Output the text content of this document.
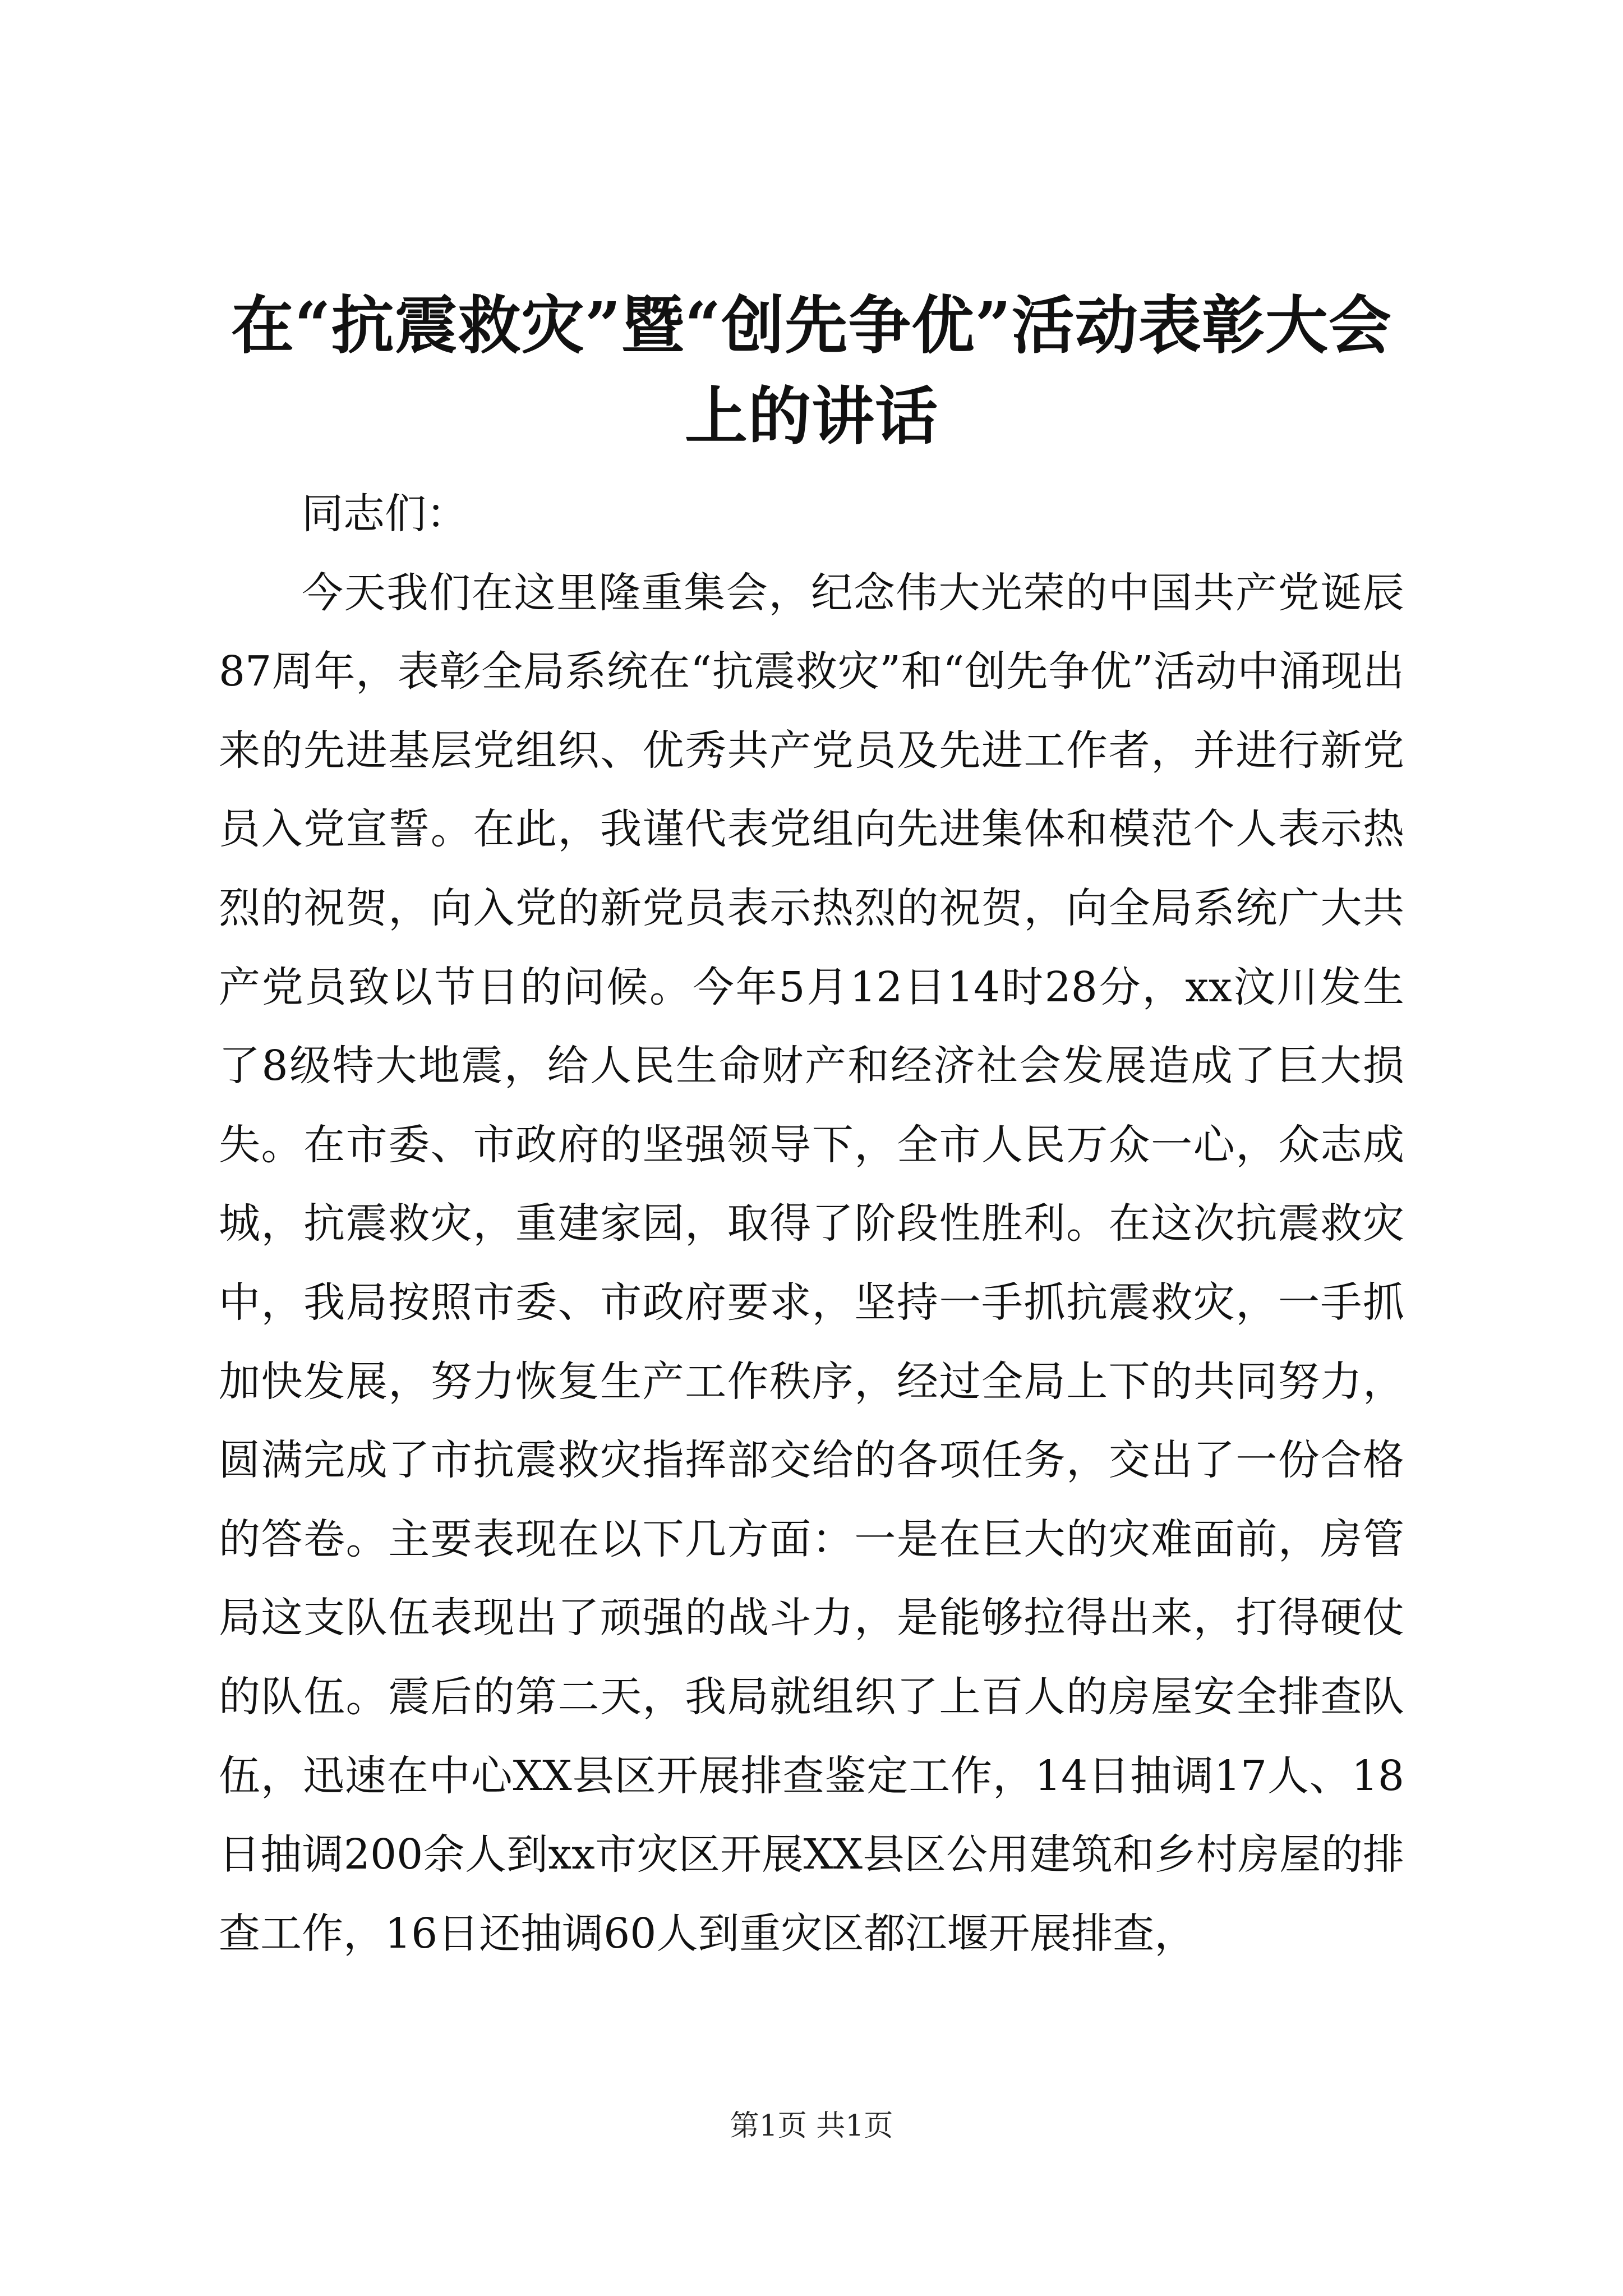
在“抗震救灾”暨“创先争优”活动表彰大会上的讲话

同志们：

今天我们在这里隆重集会，纪念伟大光荣的中国共产党诞辰87周年，表彰全局系统在“抗震救灾”和“创先争优”活动中涌现出来的先进基层党组织、优秀共产党员及先进工作者，并进行新党员入党宣誓。在此，我谨代表党组向先进集体和模范个人表示热烈的祝贺，向入党的新党员表示热烈的祝贺，向全局系统广大共产党员致以节日的问候。今年5月12日14时28分，xx汶川发生了8级特大地震，给人民生命财产和经济社会发展造成了巨大损失。在市委、市政府的坚强领导下，全市人民万众一心，众志成城，抗震救灾，重建家园，取得了阶段性胜利。在这次抗震救灾中，我局按照市委、市政府要求，坚持一手抓抗震救灾，一手抓加快发展，努力恢复生产工作秩序，经过全局上下的共同努力，圆满完成了市抗震救灾指挥部交给的各项任务，交出了一份合格的答卷。主要表现在以下几方面：一是在巨大的灾难面前，房管局这支队伍表现出了顽强的战斗力，是能够拉得出来，打得硬仗的队伍。震后的第二天，我局就组织了上百人的房屋安全排查队伍，迅速在中心XX县区开展排查鉴定工作，14日抽调17人、18日抽调200余人到xx市灾区开展XX县区公用建筑和乡村房屋的排查工作，16日还抽调60人到重灾区都江堰开展排查，

第1页 共1页
